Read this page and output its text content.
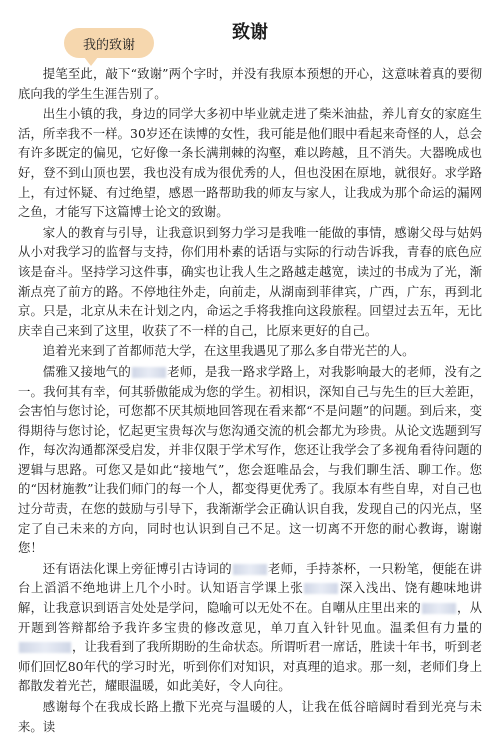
我的致谢
致谢

提笔至此，敲下“致谢”两个字时，并没有我原本预想的开心，这意味着真的要彻底向我的学生生涯告别了。

出生小镇的我，身边的同学大多初中毕业就走进了柴米油盐，养儿育女的家庭生活，所幸我不一样。30岁还在读博的女性，我可能是他们眼中看起来奇怪的人，总会有许多既定的偏见，它好像一条长满荆棘的沟壑，难以跨越，且不消失。大器晚成也好，登不到山顶也罢，我也没有成为很优秀的人，但也没困在原地，就很好。求学路上，有过怀疑、有过绝望，感恩一路帮助我的师友与家人，让我成为那个命运的漏网之鱼，才能写下这篇博士论文的致谢。

家人的教育与引导，让我意识到努力学习是我唯一能做的事情，感谢父母与姑妈从小对我学习的监督与支持，你们用朴素的话语与实际的行动告诉我，青春的底色应该是奋斗。坚持学习这件事，确实也让我人生之路越走越宽，读过的书成为了光，渐渐点亮了前方的路。不停地往外走，向前走，从湖南到菲律宾，广西，广东，再到北京。只是，北京从未在计划之内，命运之手将我推向这段旅程。回望过去五年，无比庆幸自己来到了这里，收获了不一样的自己，比原来更好的自己。

追着光来到了首都师范大学，在这里我遇见了那么多自带光芒的人。

儒雅又接地气的	老师，是我一路求学路上，对我影响最大的老师，没有之一。我何其有幸，何其骄傲能成为您的学生。初相识，深知自己与先生的巨大差距，会害怕与您讨论，可您都不厌其烦地回答现在看来都“不是问题”的问题。到后来，变得期待与您讨论，忆起更宝贵每次与您沟通交流的机会都尤为珍贵。从论文选题到写作，每次沟通都深受启发，并非仅限于学术写作，您还让我学会了多视角看待问题的逻辑与思路。可您又是如此“接地气”，您会逛唯品会，与我们聊生活、聊工作。您的“因材施教”让我们师门的每一个人，都变得更优秀了。我原本有些自卑，对自己也过分苛责，在您的鼓励与引导下，我渐渐学会正确认识自我，发现自己的闪光点，坚定了自己未来的方向，同时也认识到自己不足。这一切离不开您的耐心教诲，谢谢您！

还有语法化课上旁征博引古诗词的	老师，手持茶杯，一只粉笔，便能在讲台上滔滔不绝地讲上几个小时。认知语言学课上张	深入浅出、饶有趣味地讲解，让我意识到语言处处是学问，隐喻可以无处不在。自嘲从庄里出来的	，从开题到答辩都给予我许多宝贵的修改意见，单刀直入针针见血。温柔但有力量的，让我看到了我所期盼的生命状态。所谓听君一席话，胜读十年书，听到老师们回忆80年代的学习时光，听到你们对知识，对真理的追求。那一刻，老师们身上都散发着光芒，耀眼温暖，如此美好，令人向往。

感谢每个在我成长路上撒下光亮与温暖的人，让我在低谷暗阔时看到光亮与未来。读
